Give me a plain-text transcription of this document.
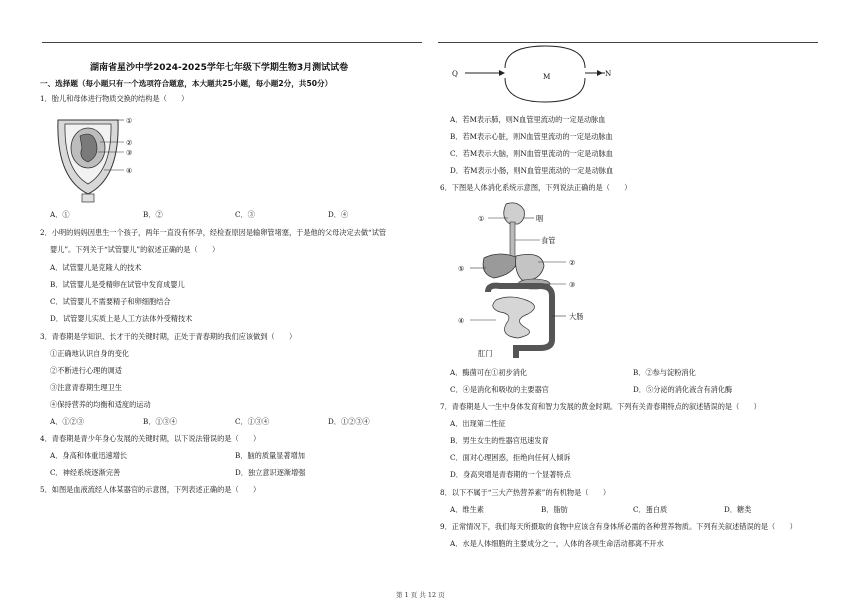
湖南省星沙中学2024-2025学年七年级下学期生物3月测试试卷
一、选择题（每小题只有一个选项符合题意，本大题共25小题，每小题2分，共50分）
1．胎儿和母体进行物质交换的结构是（　　）
①
②
③
④
A．①	B．②	C．③	D．④
2．小明的妈妈因患生一个孩子，两年一直没有怀孕，经检查原因是输卵管堵塞，于是他的父母决定去做“试管
婴儿”。下列关于“试管婴儿”的叙述正确的是（　　）
A．试管婴儿是克隆人的技术
B．试管婴儿是受精卵在试管中发育成婴儿
C．试管婴儿不需要精子和卵细胞结合
D．试管婴儿实质上是人工方法体外受精技术
3．青春期是学知识、长才干的关键时期，正处于青春期的我们应该做到（　　）
①正确地认识自身的变化
②不断进行心理的调适
③注意青春期生理卫生
④保持营养的均衡和适度的运动
A．①②③	B．①③④	C．①③④	D．①②③④
4．青春期是青少年身心发展的关键时期，以下说法错误的是（　　）
A．身高和体重迅速增长	B．脑的质量显著增加
C．神经系统逐渐完善	D．独立意识逐渐增强
5．如图是血液流经人体某器官的示意图，下列表述正确的是（　　）
Q	M	N
A．若M表示肺，则N血管里流动的一定是动脉血
B．若M表示心脏，则N血管里流动的一定是动脉血
C．若M表示大脑，则N血管里流动的一定是动脉血
D．若M表示小肠，则N血管里流动的一定是动脉血
6．下图是人体消化系统示意图，下列说法正确的是（　　）
①	咽
食管
②
⑤
③
大肠
④
肛门
A．酶菌可在①初步消化	B．②参与淀粉消化
C．④是消化和吸收的主要器官	D．⑤分泌的消化液含有消化酶
7．青春期是人一生中身体发育和智力发展的黄金时期。下列有关青春期特点的叙述错误的是（　　）
A．出现第二性征
B．男生女生的性器官迅速发育
C．面对心理困惑，拒绝向任何人倾诉
D．身高突增是青春期的一个显著特点
8．以下不属于“三大产热营养素”的有机物是（　　）
A．维生素	B．脂肪	C．蛋白质	D．糖类
9．正常情况下，我们每天所摄取的食物中应该含有身体所必需的各种营养物质。下列有关叙述错误的是（　　）
A．水是人体细胞的主要成分之一，人体的各项生命活动都离不开水
第 1 页 共 12 页
